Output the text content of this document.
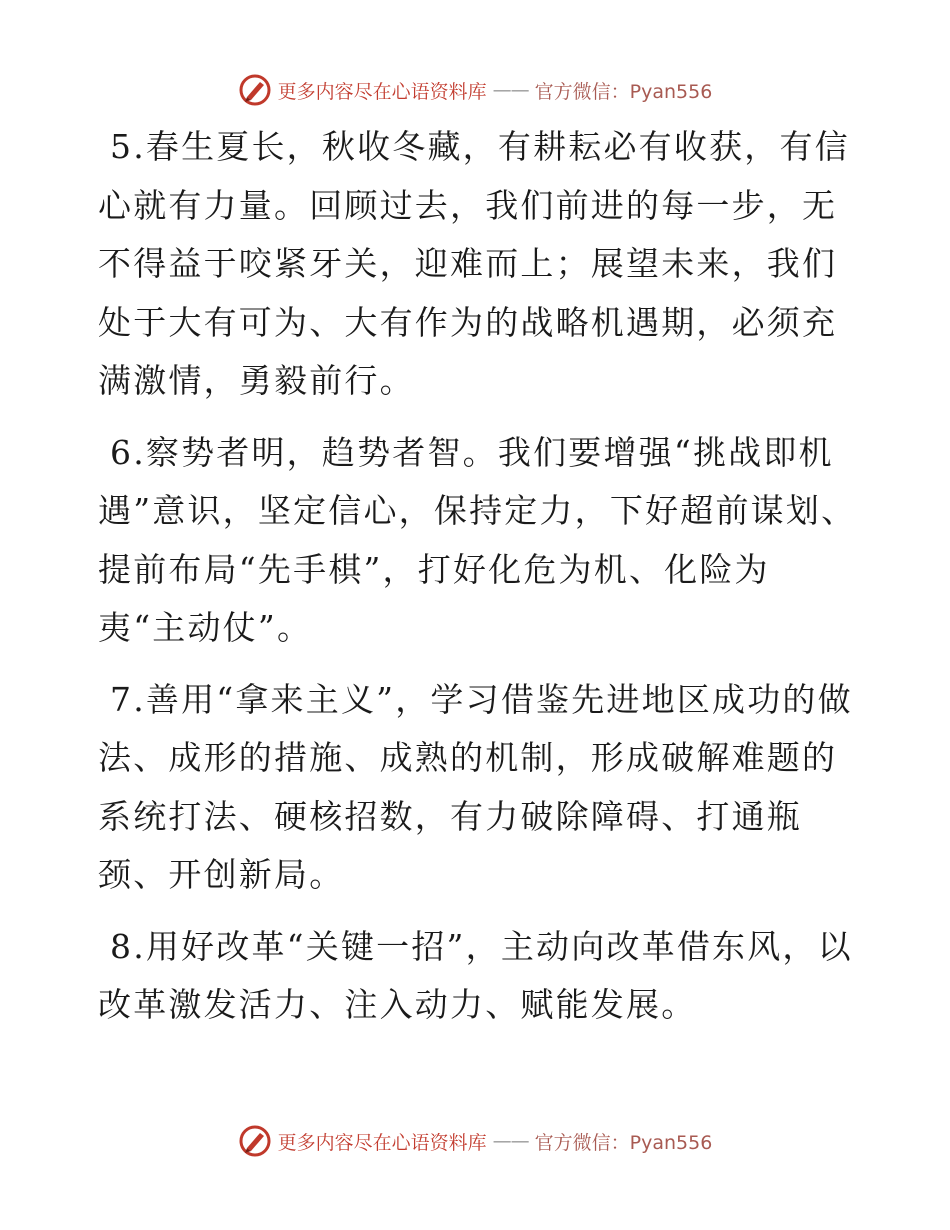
更多内容尽在心语资料库 —— 官方微信：Pyan556

5.春生夏长，秋收冬藏，有耕耘必有收获，有信心就有力量。回顾过去，我们前进的每一步，无不得益于咬紧牙关，迎难而上；展望未来，我们处于大有可为、大有作为的战略机遇期，必须充满激情，勇毅前行。

6.察势者明，趋势者智。我们要增强“挑战即机遇”意识，坚定信心，保持定力，下好超前谋划、提前布局“先手棋”，打好化危为机、化险为夷“主动仗”。

7.善用“拿来主义”，学习借鉴先进地区成功的做法、成形的措施、成熟的机制，形成破解难题的系统打法、硬核招数，有力破除障碍、打通瓶颈、开创新局。

8.用好改革“关键一招”，主动向改革借东风，以改革激发活力、注入动力、赋能发展。

更多内容尽在心语资料库 —— 官方微信：Pyan556
